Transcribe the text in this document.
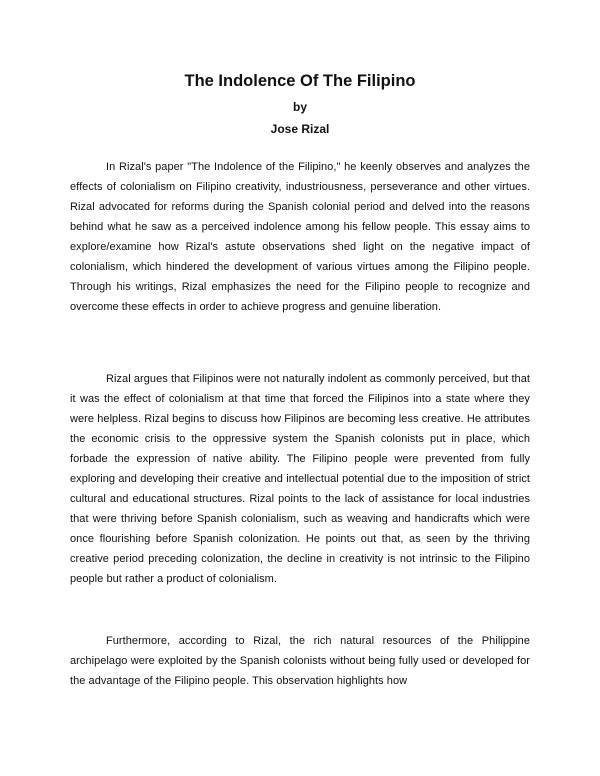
The Indolence Of The Filipino

by

Jose Rizal

In Rizal's paper "The Indolence of the Filipino," he keenly observes and analyzes the effects of colonialism on Filipino creativity, industriousness, perseverance and other virtues. Rizal advocated for reforms during the Spanish colonial period and delved into the reasons behind what he saw as a perceived indolence among his fellow people. This essay aims to explore/examine how Rizal's astute observations shed light on the negative impact of colonialism, which hindered the development of various virtues among the Filipino people. Through his writings, Rizal emphasizes the need for the Filipino people to recognize and overcome these effects in order to achieve progress and genuine liberation.

Rizal argues that Filipinos were not naturally indolent as commonly perceived, but that it was the effect of colonialism at that time that forced the Filipinos into a state where they were helpless. Rizal begins to discuss how Filipinos are becoming less creative. He attributes the economic crisis to the oppressive system the Spanish colonists put in place, which forbade the expression of native ability. The Filipino people were prevented from fully exploring and developing their creative and intellectual potential due to the imposition of strict cultural and educational structures. Rizal points to the lack of assistance for local industries that were thriving before Spanish colonialism, such as weaving and handicrafts which were once flourishing before Spanish colonization. He points out that, as seen by the thriving creative period preceding colonization, the decline in creativity is not intrinsic to the Filipino people but rather a product of colonialism.

Furthermore, according to Rizal, the rich natural resources of the Philippine archipelago were exploited by the Spanish colonists without being fully used or developed for the advantage of the Filipino people. This observation highlights how
